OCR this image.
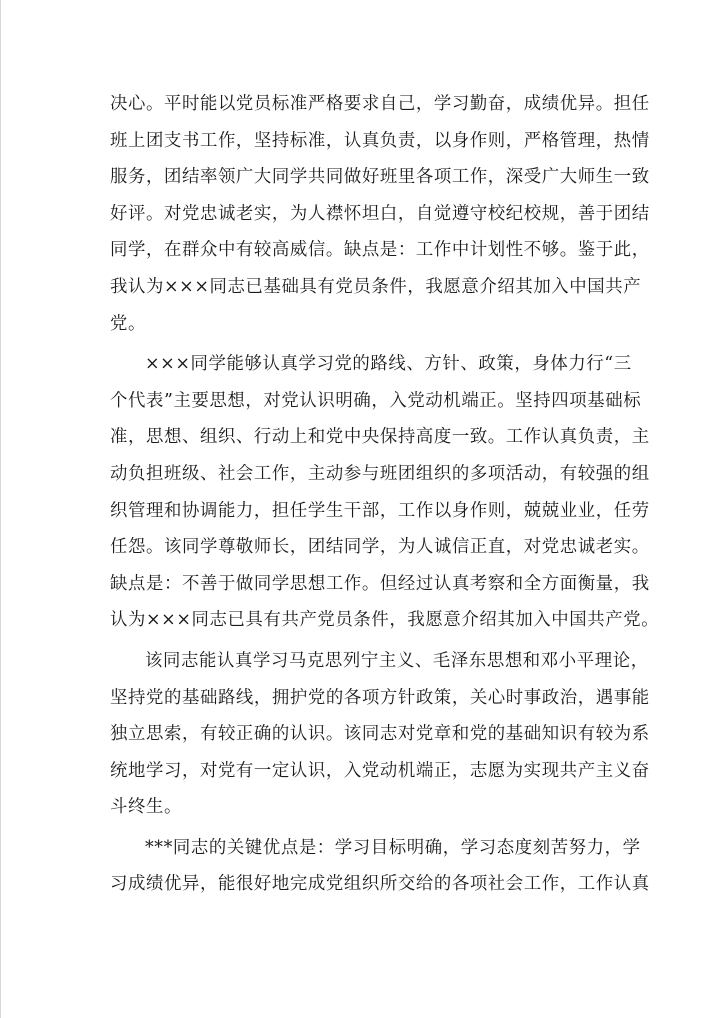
决心。平时能以党员标准严格要求自己，学习勤奋，成绩优异。担任
班上团支书工作，坚持标准，认真负责，以身作则，严格管理，热情
服务，团结率领广大同学共同做好班里各项工作，深受广大师生一致
好评。对党忠诚老实，为人襟怀坦白，自觉遵守校纪校规，善于团结
同学，在群众中有较高威信。缺点是：工作中计划性不够。鉴于此，
我认为×××同志已基础具有党员条件，我愿意介绍其加入中国共产
党。

×××同学能够认真学习党的路线、方针、政策，身体力行“三
个代表”主要思想，对党认识明确，入党动机端正。坚持四项基础标
准，思想、组织、行动上和党中央保持高度一致。工作认真负责，主
动负担班级、社会工作，主动参与班团组织的多项活动，有较强的组
织管理和协调能力，担任学生干部，工作以身作则，兢兢业业，任劳
任怨。该同学尊敬师长，团结同学，为人诚信正直，对党忠诚老实。
缺点是：不善于做同学思想工作。但经过认真考察和全方面衡量，我
认为×××同志已具有共产党员条件，我愿意介绍其加入中国共产党。

该同志能认真学习马克思列宁主义、毛泽东思想和邓小平理论，
坚持党的基础路线，拥护党的各项方针政策，关心时事政治，遇事能
独立思索，有较正确的认识。该同志对党章和党的基础知识有较为系
统地学习，对党有一定认识，入党动机端正，志愿为实现共产主义奋
斗终生。

***同志的关键优点是：学习目标明确，学习态度刻苦努力，学
习成绩优异，能很好地完成党组织所交给的各项社会工作，工作认真
